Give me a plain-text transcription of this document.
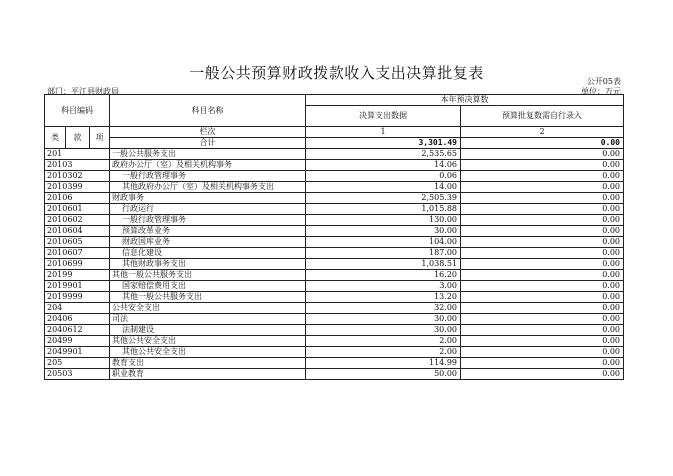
一般公共预算财政拨款收入支出决算批复表	公开05表
部门：平江县财政局	单位：万元
科目编码			科目名称	本年预决算数	
				决算支出数据	预算批复数需自行录入
类	款	项	栏次	1	2
			合计	3,301.49	0.00
201			一般公共服务支出	2,535.65	0.00
20103			政府办公厅（室）及相关机构事务	14.06	0.00
2010302			一般行政管理事务	0.06	0.00
2010399			其他政府办公厅（室）及相关机构事务支出	14.00	0.00
20106			财政事务	2,505.39	0.00
2010601			行政运行	1,015.88	0.00
2010602			一般行政管理事务	130.00	0.00
2010604			预算改革业务	30.00	0.00
2010605			财政国库业务	104.00	0.00
2010607			信息化建设	187.00	0.00
2010699			其他财政事务支出	1,038.51	0.00
20199			其他一般公共服务支出	16.20	0.00
2019901			国家赔偿费用支出	3.00	0.00
2019999			其他一般公共服务支出	13.20	0.00
204			公共安全支出	32.00	0.00
20406			司法	30.00	0.00
2040612			法制建设	30.00	0.00
20499			其他公共安全支出	2.00	0.00
2049901			其他公共安全支出	2.00	0.00
205			教育支出	114.99	0.00
20503			职业教育	50.00	0.00
